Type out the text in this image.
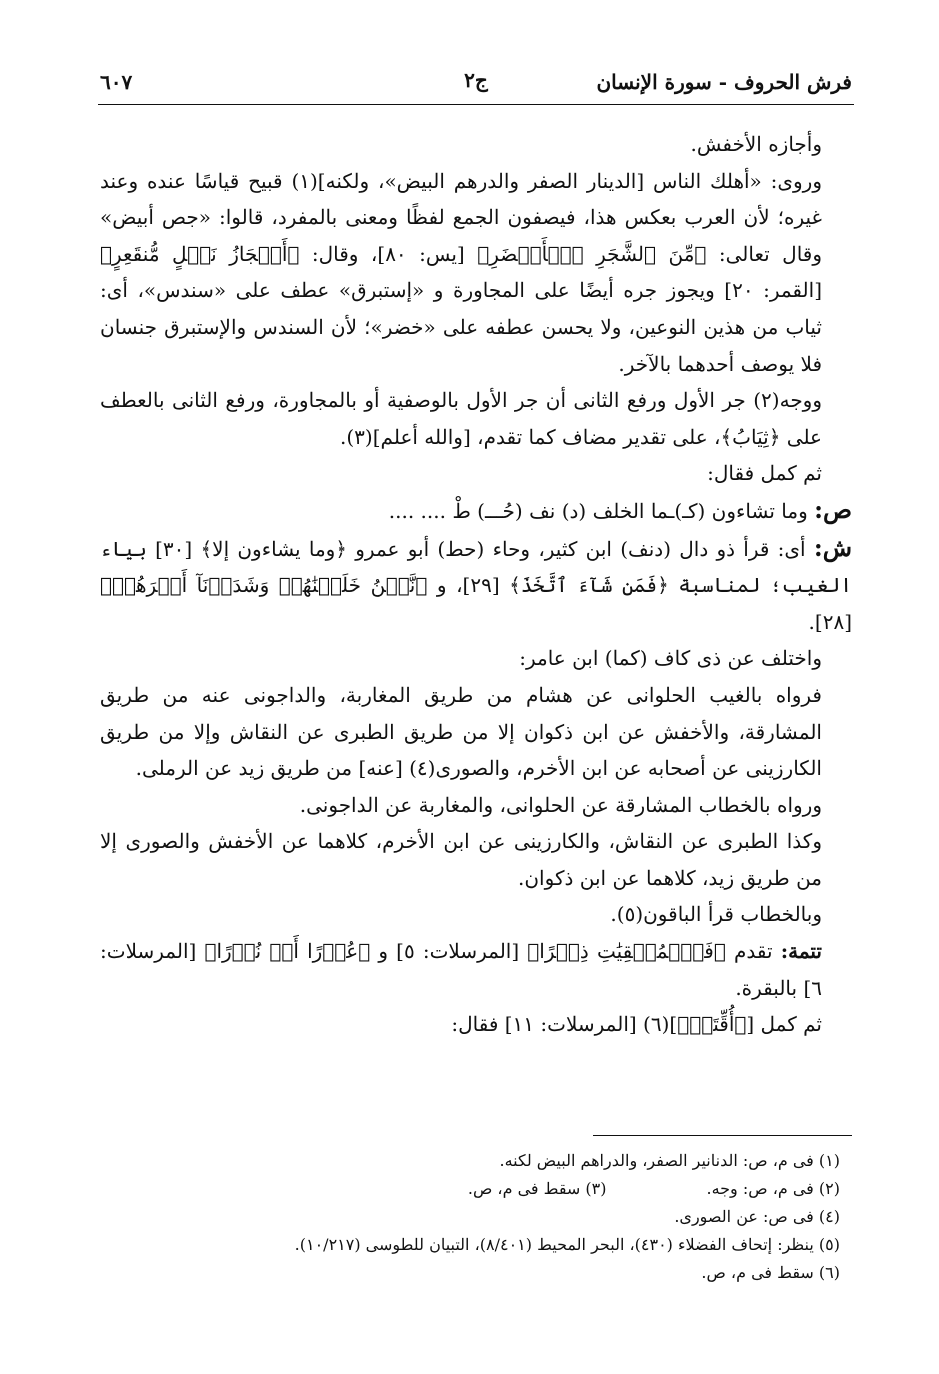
فرش الحروف - سورة الإنسان
ج٢
٦٠٧

وأجازه الأخفش.

وروى: «أهلك الناس [الدينار الصفر والدرهم البيض»، ولكنه](١) قبيح قياسًا عنده وعند غيره؛ لأن العرب بعكس هذا، فيصفون الجمع لفظًا ومعنى بالمفرد، قالوا: «جص أبيض» وقال تعالى: ﴿مِّنَ ٱلشَّجَرِ ٱلۡأَخۡضَرِ﴾ [يس: ٨٠]، وقال: ﴿أَعۡجَازُ نَخۡلٍ مُّنقَعِرٍ﴾ [القمر: ٢٠] ويجوز جره أيضًا على المجاورة و «إستبرق» عطف على «سندس»، أى: ثياب من هذين النوعين، ولا يحسن عطفه على «خضر»؛ لأن السندس والإستبرق جنسان فلا يوصف أحدهما بالآخر.

ووجه(٢) جر الأول ورفع الثانى أن جر الأول بالوصفية أو بالمجاورة، ورفع الثانى بالعطف على ﴿ثِيَابُ﴾، على تقدير مضاف كما تقدم، [والله أعلم](٣).

ثم كمل فقال:

ص: وما تشاءون (كـ)ـما الخلف (د) نف (حُـــ) طْ .... ....

ش: أى: قرأ ذو دال (دنف) ابن كثير، وحاء (حط) أبو عمرو ﴿وما يشاءون إلا﴾ [٣٠] بياء الغيب؛ لمناسبة ﴿فَمَن شَآءَ ٱتَّخَذَ﴾ [٢٩]، و ﴿نَّحۡنُ خَلَقۡنَٰهُمۡ وَشَدَدۡنَآ أَسۡرَهُمۡ﴾ [٢٨].

واختلف عن ذى كاف (كما) ابن عامر:

فرواه بالغيب الحلوانى عن هشام من طريق المغاربة، والداجونى عنه من طريق المشارقة، والأخفش عن ابن ذكوان إلا من طريق الطبرى عن النقاش وإلا من طريق الكارزينى عن أصحابه عن ابن الأخرم، والصورى(٤) [عنه] من طريق زيد عن الرملى.

ورواه بالخطاب المشارقة عن الحلوانى، والمغاربة عن الداجونى.

وكذا الطبرى عن النقاش، والكارزينى عن ابن الأخرم، كلاهما عن الأخفش والصورى إلا من طريق زيد، كلاهما عن ابن ذكوان.

وبالخطاب قرأ الباقون(٥).

تتمة: تقدم ﴿فَٱلۡمُلۡقِيَٰتِ ذِكۡرًا﴾ [المرسلات: ٥] و ﴿عُذۡرًا أَوۡ نُذۡرًا﴾ [المرسلات: ٦] بالبقرة.

ثم كمل [﴿أُقِّتَتۡ﴾](٦) [المرسلات: ١١] فقال:

(١) فى م، ص: الدنانير الصفر، والدراهم البيض لكنه.
(٢) فى م، ص: وجه.
(٣) سقط فى م، ص.
(٤) فى ص: عن الصورى.
(٥) ينظر: إتحاف الفضلاء (٤٣٠)، البحر المحيط (٨/٤٠١)، التبيان للطوسى (١٠/٢١٧).
(٦) سقط فى م، ص.
